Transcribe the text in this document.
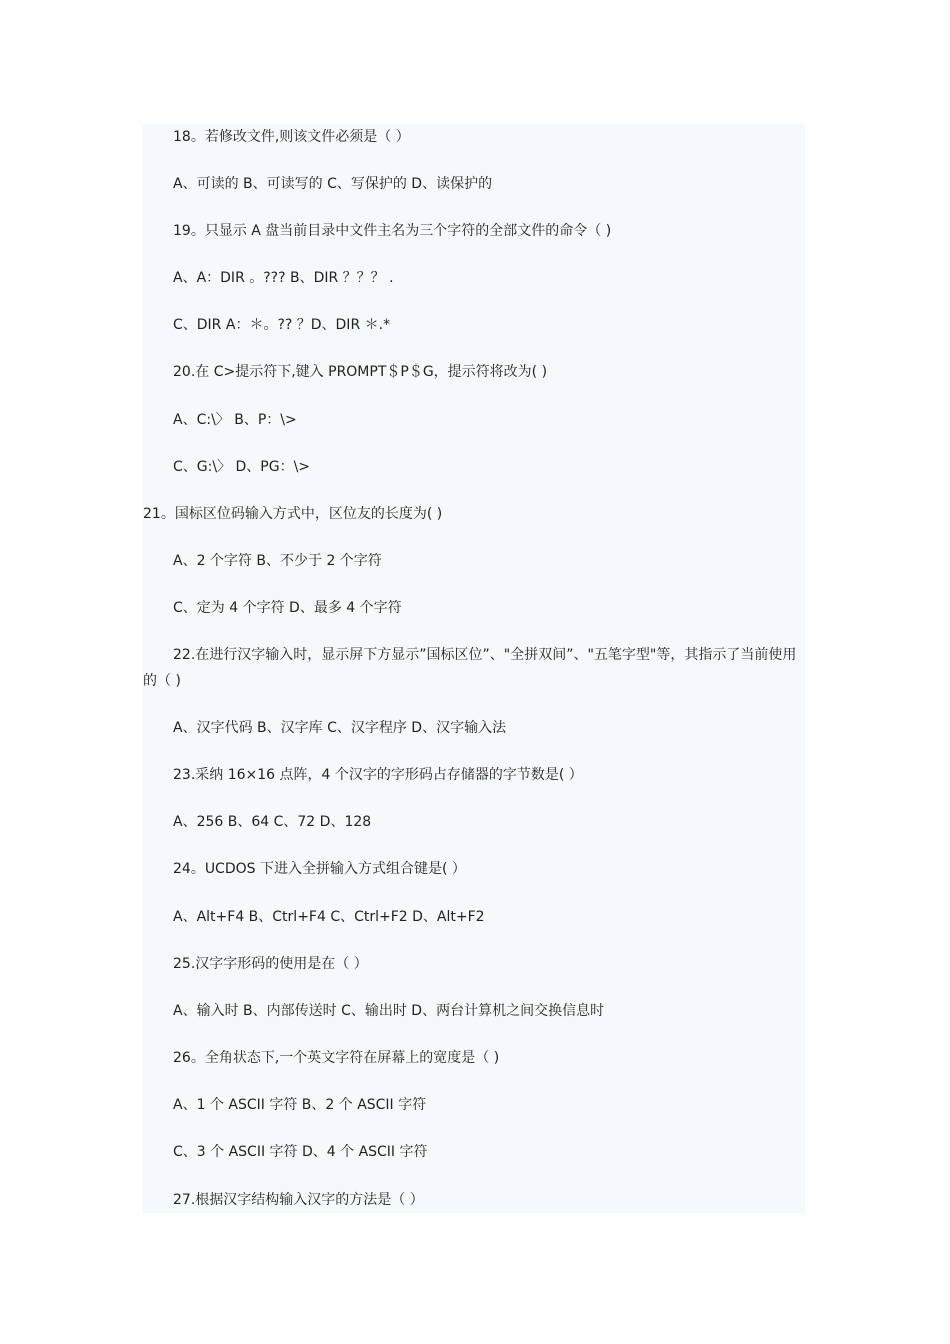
18。若修改文件,则该文件必须是（ ）
A、可读的 B、可读写的 C、写保护的 D、读保护的
19。只显示 A 盘当前目录中文件主名为三个字符的全部文件的命令（ )
A、A：DIR 。??? B、DIR ？？？ .
C、DIR A：＊。?? ？D、DIR ＊.*
20.在 C>提示符下,键入 PROMPT＄P＄G，提示符将改为( )
A、C:\〉 B、P：\>
C、G:\〉 D、PG：\>
21。国标区位码输入方式中，区位友的长度为( )
A、2 个字符 B、不少于 2 个字符
C、定为 4 个字符 D、最多 4 个字符
22.在进行汉字输入时，显示屏下方显示”国标区位”、"全拼双间”、"五笔字型"等，其指示了当前使用的（ )
A、汉字代码 B、汉字库 C、汉字程序 D、汉字输入法
23.采纳 16×16 点阵，4 个汉字的字形码占存储器的字节数是( ）
A、256 B、64 C、72 D、128
24。UCDOS 下进入全拼输入方式组合键是( ）
A、Alt+F4 B、Ctrl+F4 C、Ctrl+F2 D、Alt+F2
25.汉字字形码的使用是在（ ）
A、输入时 B、内部传送时 C、输出时 D、两台计算机之间交换信息时
26。全角状态下,一个英文字符在屏幕上的宽度是（ )
A、1 个 ASCII 字符 B、2 个 ASCII 字符
C、3 个 ASCII 字符 D、4 个 ASCII 字符
27.根据汉字结构输入汉字的方法是（ ）
